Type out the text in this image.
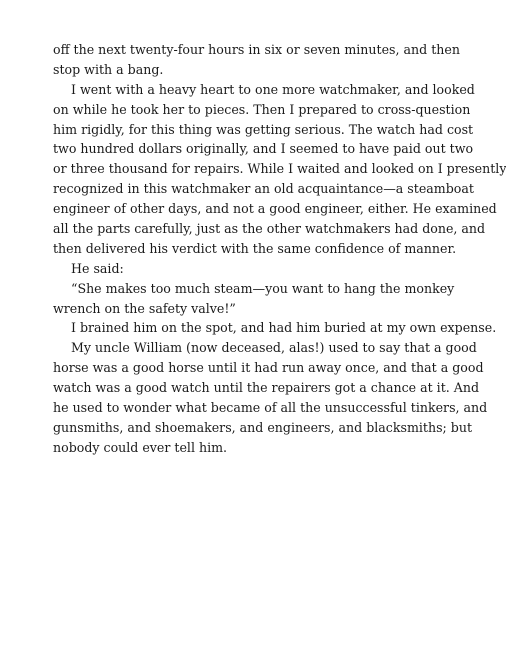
off the next twenty-four hours in six or seven minutes, and then
stop with a bang.
I went with a heavy heart to one more watchmaker, and looked
on while he took her to pieces. Then I prepared to cross-question
him rigidly, for this thing was getting serious. The watch had cost
two hundred dollars originally, and I seemed to have paid out two
or three thousand for repairs. While I waited and looked on I presently
recognized in this watchmaker an old acquaintance—a steamboat
engineer of other days, and not a good engineer, either. He examined
all the parts carefully, just as the other watchmakers had done, and
then delivered his verdict with the same confidence of manner.
He said:
“She makes too much steam—you want to hang the monkey
wrench on the safety valve!”
I brained him on the spot, and had him buried at my own expense.
My uncle William (now deceased, alas!) used to say that a good
horse was a good horse until it had run away once, and that a good
watch was a good watch until the repairers got a chance at it. And
he used to wonder what became of all the unsuccessful tinkers, and
gunsmiths, and shoemakers, and engineers, and blacksmiths; but
nobody could ever tell him.
